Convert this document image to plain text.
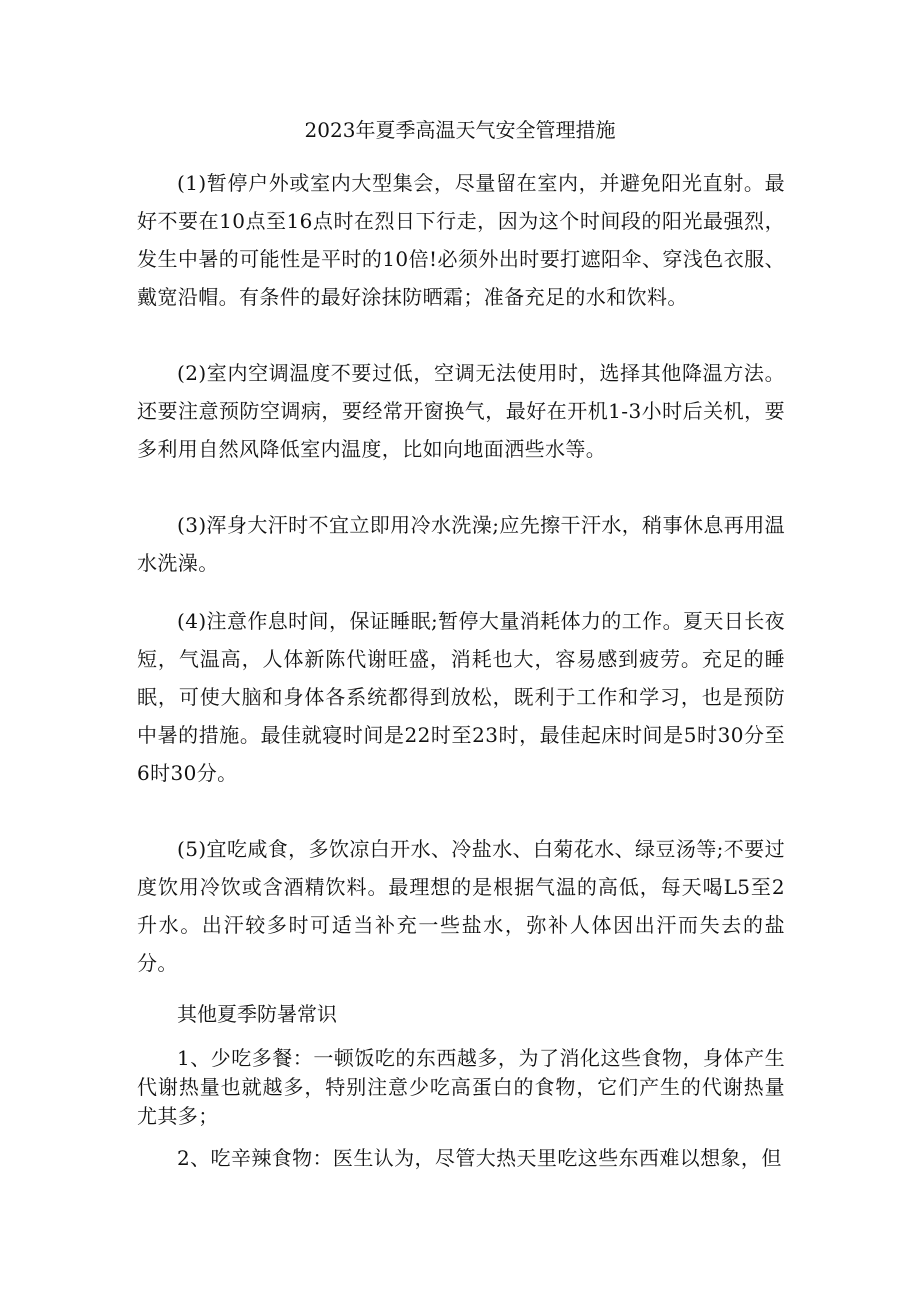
2023年夏季高温天气安全管理措施

(1)暂停户外或室内大型集会，尽量留在室内，并避免阳光直射。最好不要在10点至16点时在烈日下行走，因为这个时间段的阳光最强烈，发生中暑的可能性是平时的10倍!必须外出时要打遮阳伞、穿浅色衣服、戴宽沿帽。有条件的最好涂抹防晒霜；准备充足的水和饮料。

(2)室内空调温度不要过低，空调无法使用时，选择其他降温方法。还要注意预防空调病，要经常开窗换气，最好在开机1-3小时后关机，要多利用自然风降低室内温度，比如向地面洒些水等。

(3)浑身大汗时不宜立即用冷水洗澡;应先擦干汗水，稍事休息再用温水洗澡。

(4)注意作息时间，保证睡眠;暂停大量消耗体力的工作。夏天日长夜短，气温高，人体新陈代谢旺盛，消耗也大，容易感到疲劳。充足的睡眠，可使大脑和身体各系统都得到放松，既利于工作和学习，也是预防中暑的措施。最佳就寝时间是22时至23时，最佳起床时间是5时30分至6时30分。

(5)宜吃咸食，多饮凉白开水、冷盐水、白菊花水、绿豆汤等;不要过度饮用冷饮或含酒精饮料。最理想的是根据气温的高低，每天喝L5至2升水。出汗较多时可适当补充一些盐水，弥补人体因出汗而失去的盐分。

其他夏季防暑常识

1、少吃多餐：一顿饭吃的东西越多，为了消化这些食物，身体产生代谢热量也就越多，特别注意少吃高蛋白的食物，它们产生的代谢热量尤其多；

2、吃辛辣食物：医生认为，尽管大热天里吃这些东西难以想象，但
